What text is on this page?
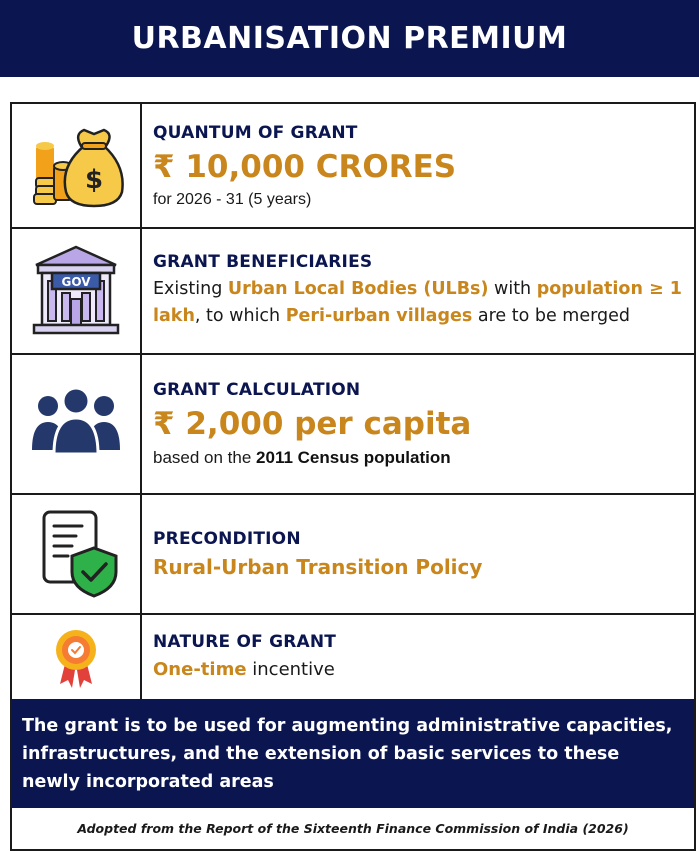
URBANISATION PREMIUM
$
QUANTUM OF GRANT
₹ 10,000 CRORES
for 2026 - 31 (5 years)
GOV
GRANT BENEFICIARIES
Existing Urban Local Bodies (ULBs) with population ≥ 1 lakh, to which Peri-urban villages are to be merged
GRANT CALCULATION
₹ 2,000 per capita
based on the 2011 Census population
PRECONDITION
Rural-Urban Transition Policy
NATURE OF GRANT
One-time incentive
The grant is to be used for augmenting administrative capacities, infrastructures, and the extension of basic services to these newly incorporated areas
Adopted from the Report of the Sixteenth Finance Commission of India (2026)
